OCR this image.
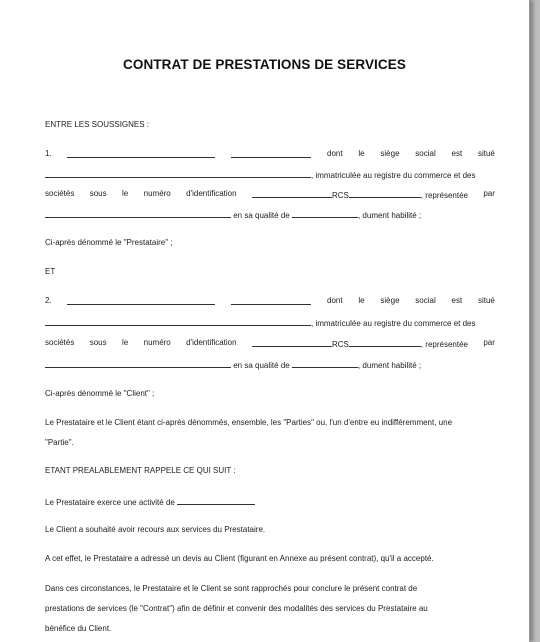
CONTRAT DE PRESTATIONS DE SERVICES
ENTRE LES SOUSSIGNES :
1.	dont le siège social est situé
, immatriculée au registre du commerce et des
sociétés sous le numéro d'identification	RCS	, représentée par
en sa qualité de	, dument habilité ;
Ci-après dénommé le "Prestataire" ;
ET
2.	dont le siège social est situé
, immatriculée au registre du commerce et des
sociétés sous le numéro d'identification	RCS	, représentée par
en sa qualité de	, dument habilité ;
Ci-après dénommé le "Client" ;
Le Prestataire et le Client étant ci-après dénommés, ensemble, les "Parties" ou, l'un d'entre eu indifféremment, une
"Partie".
ETANT PREALABLEMENT RAPPELE CE QUI SUIT :
Le Prestataire exerce une activité de
Le Client a souhaité avoir recours aux services du Prestataire.
A cet effet, le Prestataire a adressé un devis au Client (figurant en Annexe au présent contrat), qu'il a accepté.
Dans ces circonstances, le Prestataire et le Client se sont rapprochés pour conclure le présent contrat de
prestations de services (le "Contrat") afin de définir et convenir des modalités des services du Prestataire au
bénéfice du Client.
